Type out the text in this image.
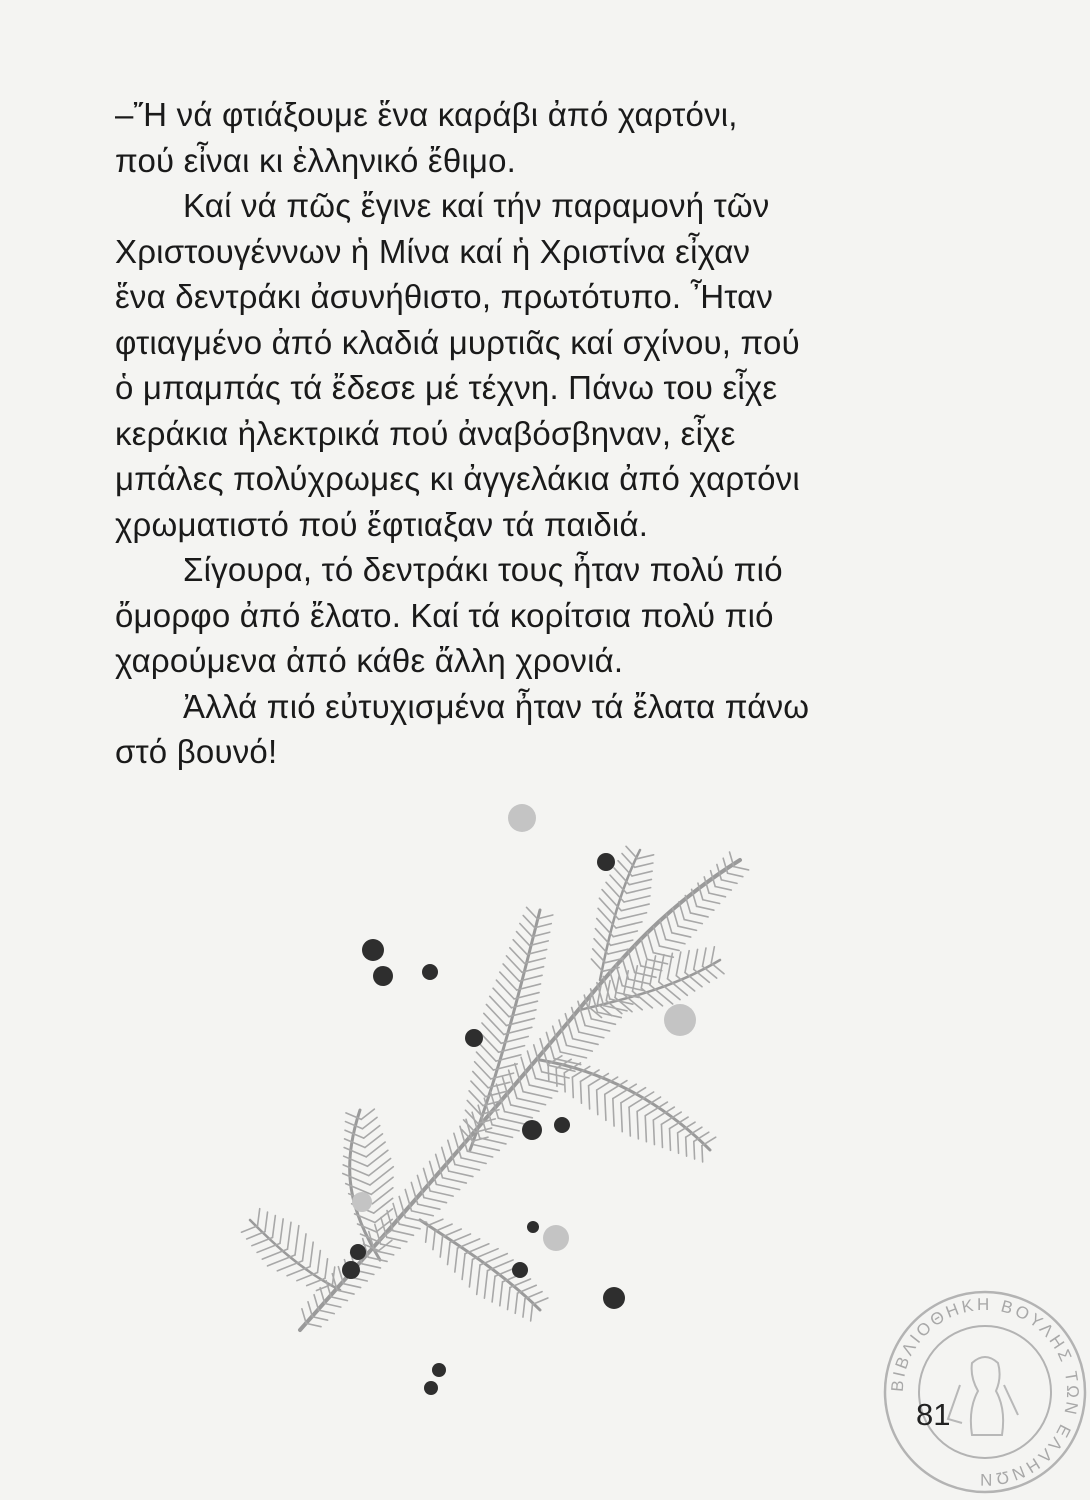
–Ἤ νά φτιάξουμε ἕνα καράβι ἀπό χαρτόνι,
πού εἶναι κι ἑλληνικό ἔθιμο.

Καί νά πῶς ἔγινε καί τήν παραμονή τῶν
Χριστουγέννων ἡ Μίνα καί ἡ Χριστίνα εἶχαν
ἕνα δεντράκι ἀσυνήθιστο, πρωτότυπο. Ἦταν
φτιαγμένο ἀπό κλαδιά μυρτιᾶς καί σχίνου, πού
ὁ μπαμπάς τά ἔδεσε μέ τέχνη. Πάνω του εἶχε
κεράκια ἠλεκτρικά πού ἀναβόσβηναν, εἶχε
μπάλες πολύχρωμες κι ἀγγελάκια ἀπό χαρτόνι
χρωματιστό πού ἔφτιαξαν τά παιδιά.

Σίγουρα, τό δεντράκι τους ἦταν πολύ πιό
ὄμορφο ἀπό ἔλατο. Καί τά κορίτσια πολύ πιό
χαρούμενα ἀπό κάθε ἄλλη χρονιά.

Ἀλλά πιό εὐτυχισμένα ἦταν τά ἔλατα πάνω
στό βουνό!

ΒΙΒΛΙΟΘΗΚΗ ΒΟΥΛΗΣ ΤΩΝ ΕΛΛΗΝΩΝ
81
